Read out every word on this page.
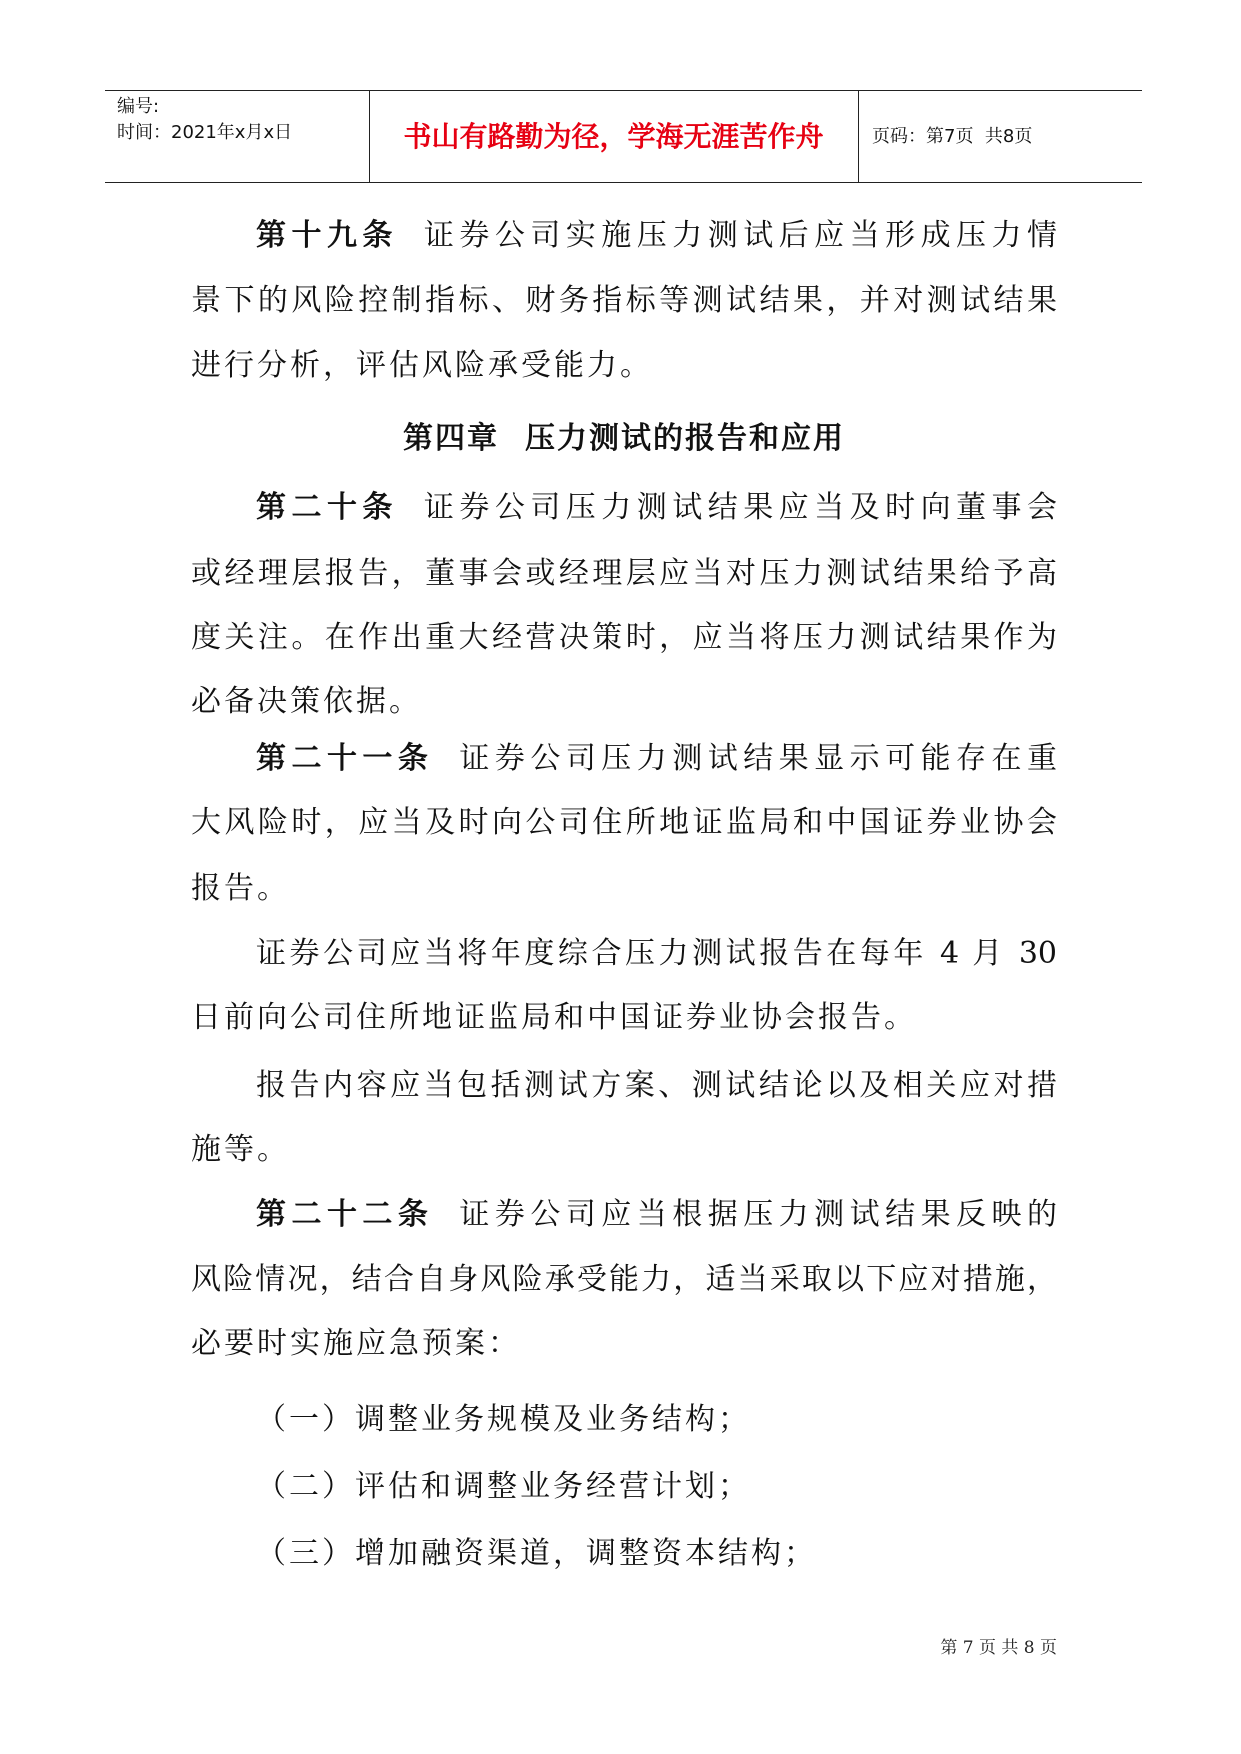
编号:
时间：2021年x月x日	书山有路勤为径，学海无涯苦作舟	页码：第7页  共8页
第十九条 证券公司实施压力测试后应当形成压力情
景下的风险控制指标、财务指标等测试结果，并对测试结果
进行分析，评估风险承受能力。
第四章 压力测试的报告和应用
第二十条 证券公司压力测试结果应当及时向董事会
或经理层报告，董事会或经理层应当对压力测试结果给予高
度关注。在作出重大经营决策时，应当将压力测试结果作为
必备决策依据。
第二十一条 证券公司压力测试结果显示可能存在重
大风险时，应当及时向公司住所地证监局和中国证券业协会
报告。
证券公司应当将年度综合压力测试报告在每年 4 月 30
日前向公司住所地证监局和中国证券业协会报告。
报告内容应当包括测试方案、测试结论以及相关应对措
施等。
第二十二条 证券公司应当根据压力测试结果反映的
风险情况，结合自身风险承受能力，适当采取以下应对措施，
必要时实施应急预案：
（一）调整业务规模及业务结构；
（二）评估和调整业务经营计划；
（三）增加融资渠道，调整资本结构；
第 7 页 共 8 页
